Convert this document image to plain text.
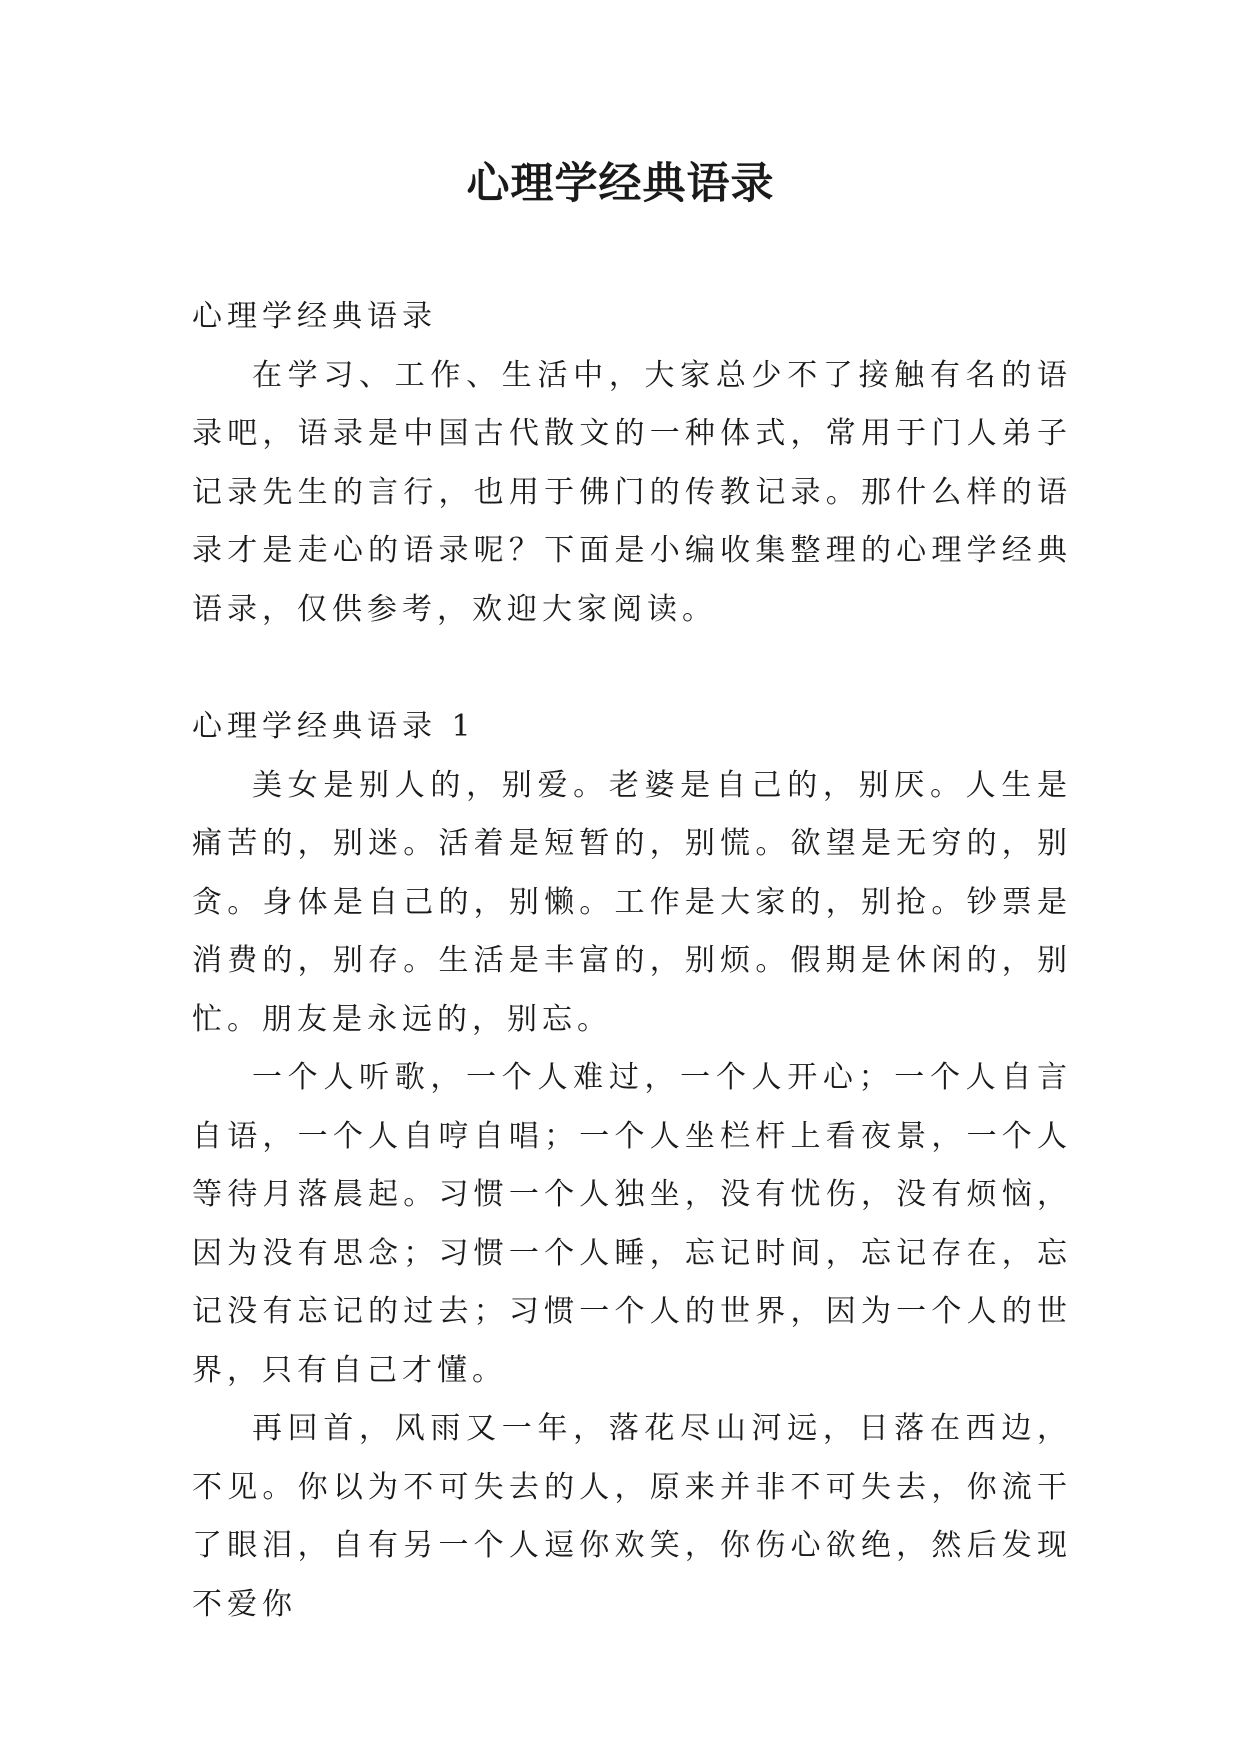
心理学经典语录

心理学经典语录

在学习、工作、生活中，大家总少不了接触有名的语录吧，语录是中国古代散文的一种体式，常用于门人弟子记录先生的言行，也用于佛门的传教记录。那什么样的语录才是走心的语录呢？下面是小编收集整理的心理学经典语录，仅供参考，欢迎大家阅读。

心理学经典语录 1

美女是别人的，别爱。老婆是自己的，别厌。人生是痛苦的，别迷。活着是短暂的，别慌。欲望是无穷的，别贪。身体是自己的，别懒。工作是大家的，别抢。钞票是消费的，别存。生活是丰富的，别烦。假期是休闲的，别忙。朋友是永远的，别忘。

一个人听歌，一个人难过，一个人开心；一个人自言自语，一个人自哼自唱；一个人坐栏杆上看夜景，一个人等待月落晨起。习惯一个人独坐，没有忧伤，没有烦恼，因为没有思念；习惯一个人睡，忘记时间，忘记存在，忘记没有忘记的过去；习惯一个人的世界，因为一个人的世界，只有自己才懂。

再回首，风雨又一年，落花尽山河远，日落在西边，不见。你以为不可失去的人，原来并非不可失去，你流干了眼泪，自有另一个人逗你欢笑，你伤心欲绝，然后发现不爱你
